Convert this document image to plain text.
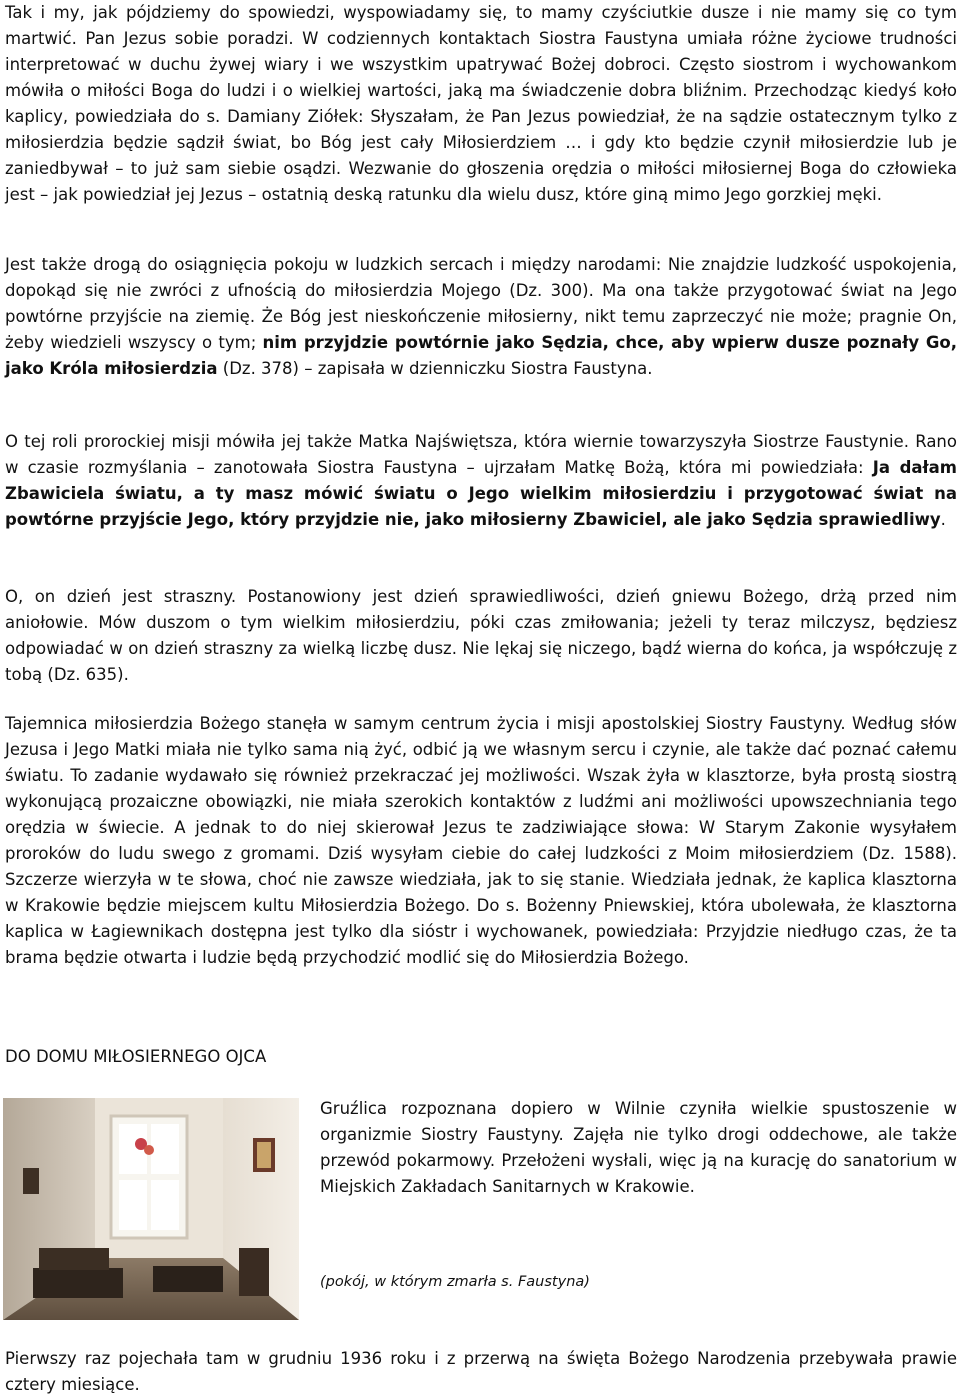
Tak i my, jak pójdziemy do spowiedzi, wyspowiadamy się, to mamy czyściutkie dusze i nie mamy się co tym martwić. Pan Jezus sobie poradzi. W codziennych kontaktach Siostra Faustyna umiała różne życiowe trudności interpretować w duchu żywej wiary i we wszystkim upatrywać Bożej dobroci. Często siostrom i wychowankom mówiła o miłości Boga do ludzi i o wielkiej wartości, jaką ma świadczenie dobra bliźnim. Przechodząc kiedyś koło kaplicy, powiedziała do s. Damiany Ziółek: Słyszałam, że Pan Jezus powiedział, że na sądzie ostatecznym tylko z miłosierdzia będzie sądził świat, bo Bóg jest cały Miłosierdziem … i gdy kto będzie czynił miłosierdzie lub je zaniedbywał – to już sam siebie osądzi. Wezwanie do głoszenia orędzia o miłości miłosiernej Boga do człowieka jest – jak powiedział jej Jezus – ostatnią deską ratunku dla wielu dusz, które giną mimo Jego gorzkiej męki.

Jest także drogą do osiągnięcia pokoju w ludzkich sercach i między narodami: Nie znajdzie ludzkość uspokojenia, dopokąd się nie zwróci z ufnością do miłosierdzia Mojego (Dz. 300). Ma ona także przygotować świat na Jego powtórne przyjście na ziemię. Że Bóg jest nieskończenie miłosierny, nikt temu zaprzeczyć nie może; pragnie On, żeby wiedzieli wszyscy o tym; nim przyjdzie powtórnie jako Sędzia, chce, aby wpierw dusze poznały Go, jako Króla miłosierdzia (Dz. 378) – zapisała w dzienniczku Siostra Faustyna.

O tej roli prorockiej misji mówiła jej także Matka Najświętsza, która wiernie towarzyszyła Siostrze Faustynie. Rano w czasie rozmyślania – zanotowała Siostra Faustyna – ujrzałam Matkę Bożą, która mi powiedziała: Ja dałam Zbawiciela światu, a ty masz mówić światu o Jego wielkim miłosierdziu i przygotować świat na powtórne przyjście Jego, który przyjdzie nie, jako miłosierny Zbawiciel, ale jako Sędzia sprawiedliwy.

O, on dzień jest straszny. Postanowiony jest dzień sprawiedliwości, dzień gniewu Bożego, drżą przed nim aniołowie. Mów duszom o tym wielkim miłosierdziu, póki czas zmiłowania; jeżeli ty teraz milczysz, będziesz odpowiadać w on dzień straszny za wielką liczbę dusz. Nie lękaj się niczego, bądź wierna do końca, ja współczuję z tobą (Dz. 635).

Tajemnica miłosierdzia Bożego stanęła w samym centrum życia i misji apostolskiej Siostry Faustyny. Według słów Jezusa i Jego Matki miała nie tylko sama nią żyć, odbić ją we własnym sercu i czynie, ale także dać poznać całemu światu. To zadanie wydawało się również przekraczać jej możliwości. Wszak żyła w klasztorze, była prostą siostrą wykonującą prozaiczne obowiązki, nie miała szerokich kontaktów z ludźmi ani możliwości upowszechniania tego orędzia w świecie. A jednak to do niej skierował Jezus te zadziwiające słowa: W Starym Zakonie wysyłałem proroków do ludu swego z gromami. Dziś wysyłam ciebie do całej ludzkości z Moim miłosierdziem (Dz. 1588). Szczerze wierzyła w te słowa, choć nie zawsze wiedziała, jak to się stanie. Wiedziała jednak, że kaplica klasztorna w Krakowie będzie miejscem kultu Miłosierdzia Bożego. Do s. Bożenny Pniewskiej, która ubolewała, że klasztorna kaplica w Łagiewnikach dostępna jest tylko dla sióstr i wychowanek, powiedziała: Przyjdzie niedługo czas, że ta brama będzie otwarta i ludzie będą przychodzić modlić się do Miłosierdzia Bożego.

DO DOMU MIŁOSIERNEGO OJCA

Gruźlica rozpoznana dopiero w Wilnie czyniła wielkie spustoszenie w organizmie Siostry Faustyny. Zajęła nie tylko drogi oddechowe, ale także przewód pokarmowy. Przełożeni wysłali, więc ją na kurację do sanatorium w Miejskich Zakładach Sanitarnych w Krakowie.

(pokój, w którym zmarła s. Faustyna)

Pierwszy raz pojechała tam w grudniu 1936 roku i z przerwą na święta Bożego Narodzenia przebywała prawie cztery miesiące.
